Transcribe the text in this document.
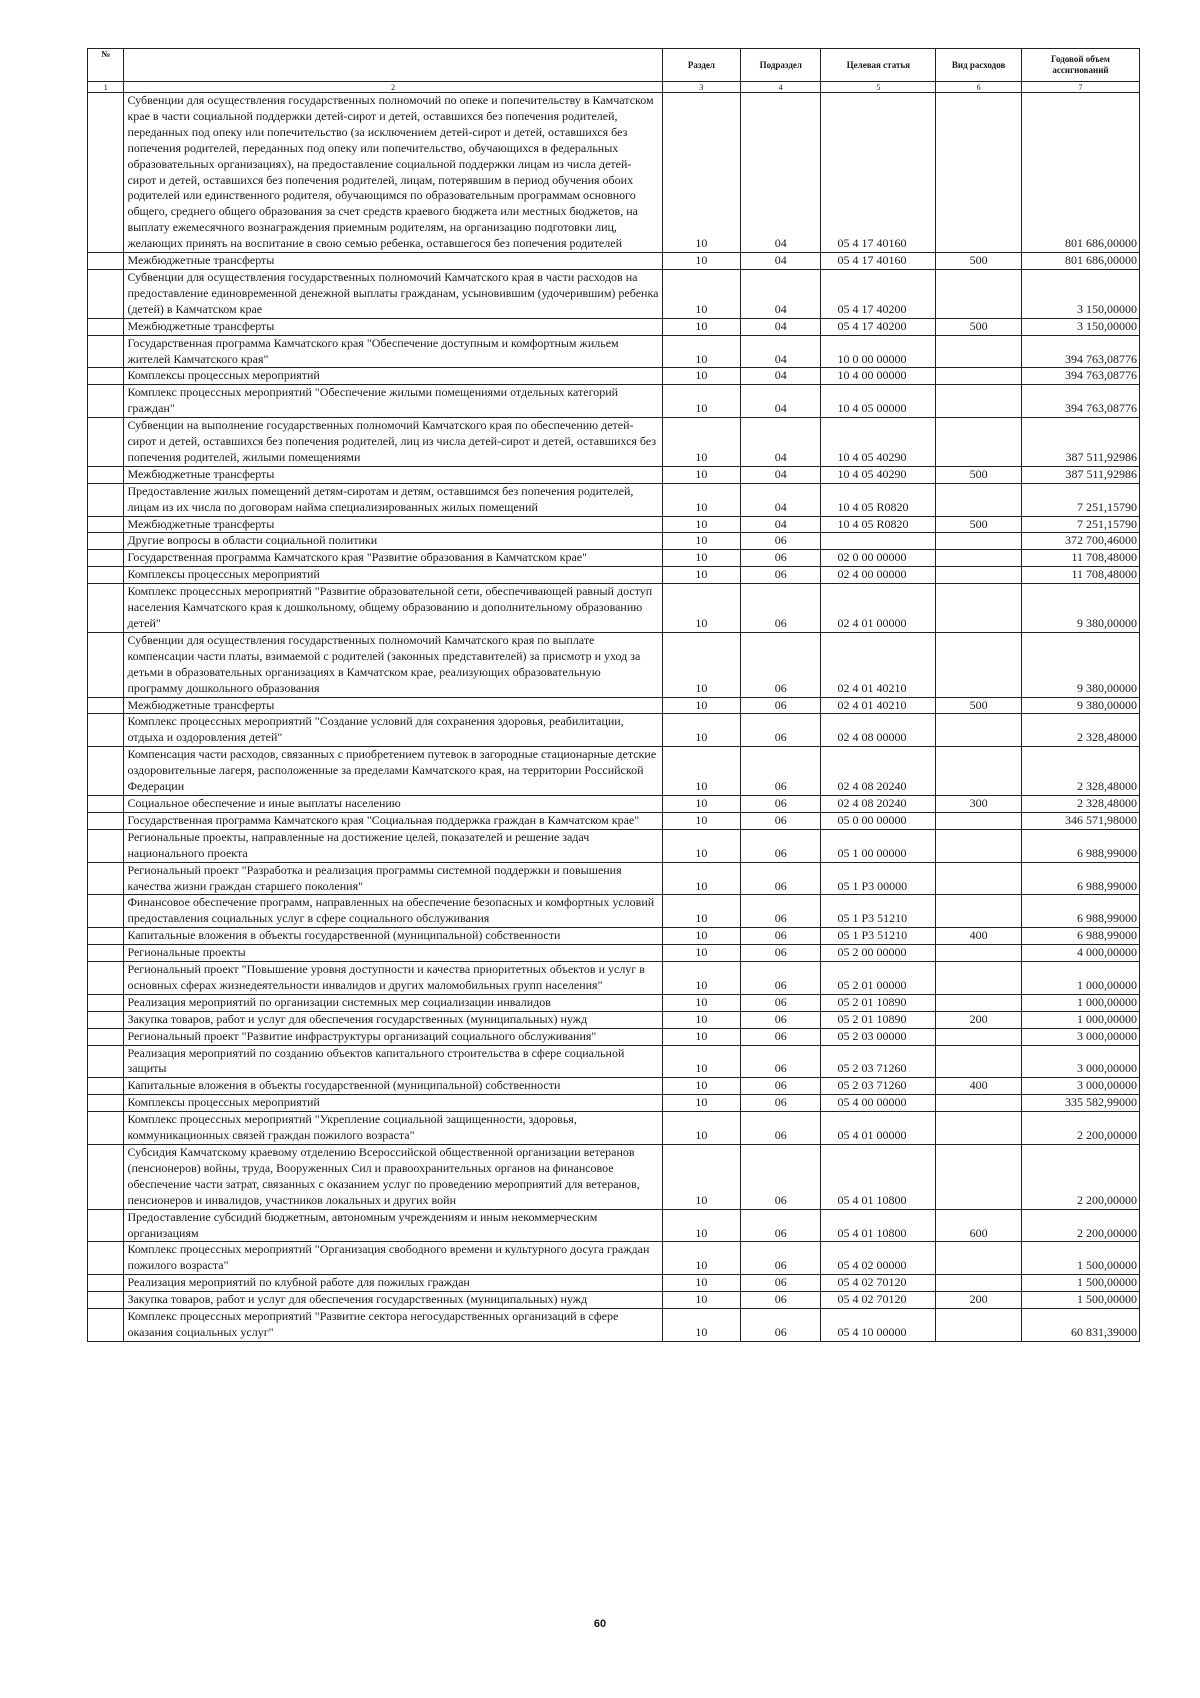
№		Раздел	Подраздел	Целевая статья	Вид расходов	Годовой объем ассигнований
1	2	3	4	5	6	7
	Субвенции для осуществления государственных полномочий по опеке и попечительству в Камчатском крае в части социальной поддержки детей-сирот и детей, оставшихся без попечения родителей, переданных под опеку или попечительство (за исключением детей-сирот и детей, оставшихся без попечения родителей, переданных под опеку или попечительство, обучающихся в федеральных образовательных организациях), на предоставление социальной поддержки лицам из числа детей-сирот и детей, оставшихся без попечения родителей, лицам, потерявшим в период обучения обоих родителей или единственного родителя, обучающимся по образовательным программам основного общего, среднего общего образования за счет средств краевого бюджета или местных бюджетов, на выплату ежемесячного вознаграждения приемным родителям, на организацию подготовки лиц, желающих принять на воспитание в свою семью ребенка, оставшегося без попечения родителей	10	04	05 4 17 40160		801 686,00000
	Межбюджетные трансферты	10	04	05 4 17 40160	500	801 686,00000
	Субвенции для осуществления государственных полномочий Камчатского края в части расходов на предоставление единовременной денежной выплаты гражданам, усыновившим (удочерившим) ребенка (детей) в Камчатском крае	10	04	05 4 17 40200		3 150,00000
	Межбюджетные трансферты	10	04	05 4 17 40200	500	3 150,00000
	Государственная программа Камчатского края "Обеспечение доступным и комфортным жильем жителей Камчатского края"	10	04	10 0 00 00000		394 763,08776
	Комплексы процессных мероприятий	10	04	10 4 00 00000		394 763,08776
	Комплекс процессных мероприятий "Обеспечение жилыми помещениями отдельных категорий граждан"	10	04	10 4 05 00000		394 763,08776
	Субвенции на выполнение государственных полномочий Камчатского края по обеспечению детей-сирот и детей, оставшихся без попечения родителей, лиц из числа детей-сирот и детей, оставшихся без попечения родителей, жилыми помещениями	10	04	10 4 05 40290		387 511,92986
	Межбюджетные трансферты	10	04	10 4 05 40290	500	387 511,92986
	Предоставление жилых помещений детям-сиротам и детям, оставшимся без попечения родителей, лицам из их числа по договорам найма специализированных жилых помещений	10	04	10 4 05 R0820		7 251,15790
	Межбюджетные трансферты	10	04	10 4 05 R0820	500	7 251,15790
	Другие вопросы в области социальной политики	10	06			372 700,46000
	Государственная программа Камчатского края "Развитие образования в Камчатском крае"	10	06	02 0 00 00000		11 708,48000
	Комплексы процессных мероприятий	10	06	02 4 00 00000		11 708,48000
	Комплекс процессных мероприятий "Развитие образовательной сети, обеспечивающей равный доступ населения Камчатского края к дошкольному, общему образованию и дополнительному образованию детей"	10	06	02 4 01 00000		9 380,00000
	Субвенции для осуществления государственных полномочий Камчатского края по выплате компенсации части платы, взимаемой с родителей (законных представителей) за присмотр и уход за детьми в образовательных организациях в Камчатском крае, реализующих образовательную программу дошкольного образования	10	06	02 4 01 40210		9 380,00000
	Межбюджетные трансферты	10	06	02 4 01 40210	500	9 380,00000
	Комплекс процессных мероприятий "Создание условий для сохранения здоровья, реабилитации, отдыха и оздоровления детей"	10	06	02 4 08 00000		2 328,48000
	Компенсация части расходов, связанных с приобретением путевок в загородные стационарные детские оздоровительные лагеря, расположенные за пределами Камчатского края, на территории Российской Федерации	10	06	02 4 08 20240		2 328,48000
	Социальное обеспечение и иные выплаты населению	10	06	02 4 08 20240	300	2 328,48000
	Государственная программа Камчатского края "Социальная поддержка граждан в Камчатском крае"	10	06	05 0 00 00000		346 571,98000
	Региональные проекты, направленные на достижение целей, показателей и решение задач национального проекта	10	06	05 1 00 00000		6 988,99000
	Региональный проект "Разработка и реализация программы системной поддержки и повышения качества жизни граждан старшего поколения"	10	06	05 1 Р3 00000		6 988,99000
	Финансовое обеспечение программ, направленных на обеспечение безопасных и комфортных условий предоставления социальных услуг в сфере социального обслуживания	10	06	05 1 Р3 51210		6 988,99000
	Капитальные вложения в объекты государственной (муниципальной) собственности	10	06	05 1 Р3 51210	400	6 988,99000
	Региональные проекты	10	06	05 2 00 00000		4 000,00000
	Региональный проект "Повышение уровня доступности и качества приоритетных объектов и услуг в основных сферах жизнедеятельности инвалидов и других маломобильных групп населения"	10	06	05 2 01 00000		1 000,00000
	Реализация мероприятий по организации системных мер социализации инвалидов	10	06	05 2 01 10890		1 000,00000
	Закупка товаров, работ и услуг для обеспечения государственных (муниципальных) нужд	10	06	05 2 01 10890	200	1 000,00000
	Региональный проект "Развитие инфраструктуры организаций социального обслуживания"	10	06	05 2 03 00000		3 000,00000
	Реализация мероприятий по созданию объектов капитального строительства в сфере социальной защиты	10	06	05 2 03 71260		3 000,00000
	Капитальные вложения в объекты государственной (муниципальной) собственности	10	06	05 2 03 71260	400	3 000,00000
	Комплексы процессных мероприятий	10	06	05 4 00 00000		335 582,99000
	Комплекс процессных мероприятий "Укрепление социальной защищенности, здоровья, коммуникационных связей граждан пожилого возраста"	10	06	05 4 01 00000		2 200,00000
	Субсидия Камчатскому краевому отделению Всероссийской общественной организации ветеранов (пенсионеров) войны, труда, Вооруженных Сил и правоохранительных органов на финансовое обеспечение части затрат, связанных с оказанием услуг по проведению мероприятий для ветеранов, пенсионеров и инвалидов, участников локальных и других войн	10	06	05 4 01 10800		2 200,00000
	Предоставление субсидий бюджетным, автономным учреждениям и иным некоммерческим организациям	10	06	05 4 01 10800	600	2 200,00000
	Комплекс процессных мероприятий "Организация свободного времени и культурного досуга граждан пожилого возраста"	10	06	05 4 02 00000		1 500,00000
	Реализация мероприятий по клубной работе для пожилых граждан	10	06	05 4 02 70120		1 500,00000
	Закупка товаров, работ и услуг для обеспечения государственных (муниципальных) нужд	10	06	05 4 02 70120	200	1 500,00000
	Комплекс процессных мероприятий "Развитие сектора негосударственных организаций в сфере оказания социальных услуг"	10	06	05 4 10 00000		60 831,39000
60
